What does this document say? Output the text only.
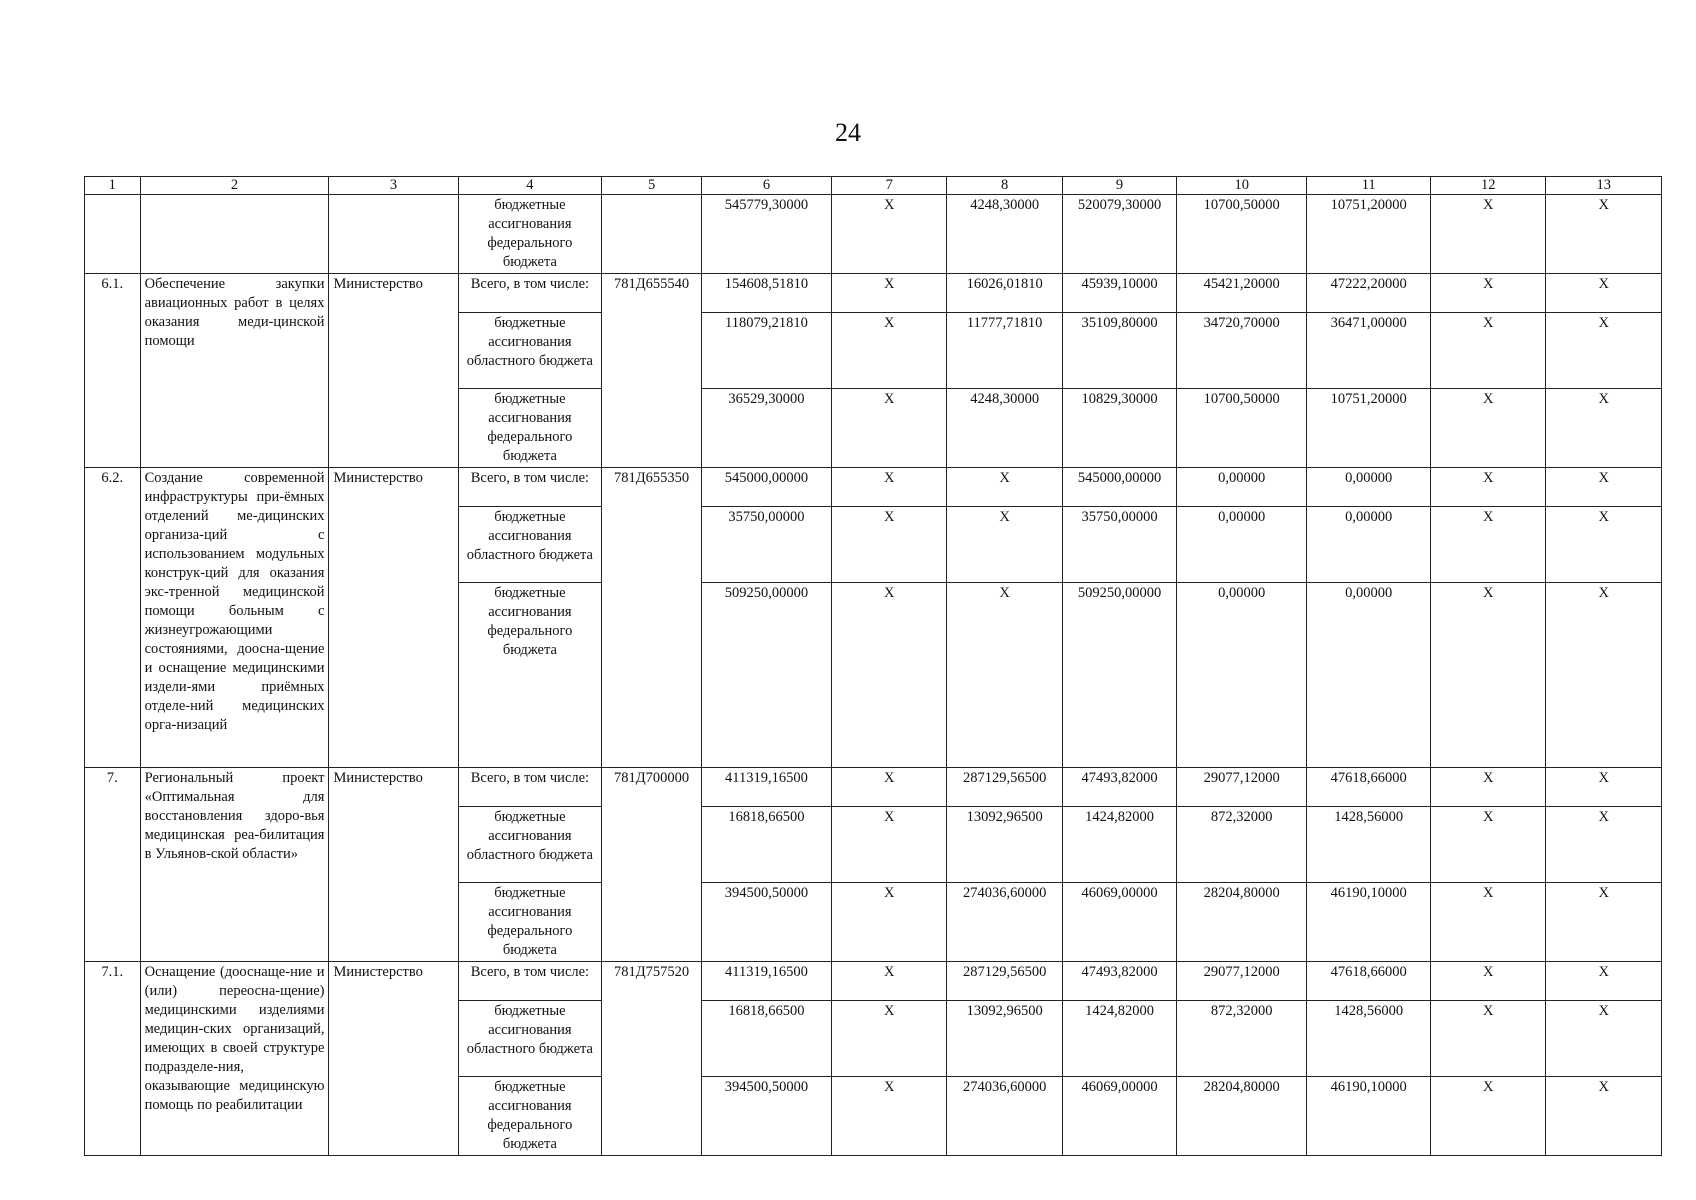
24
1	2	3	4	5	6	7	8	9	10	11	12	13
			бюджетные ассигнования федерального бюджета		545779,30000	Х	4248,30000	520079,30000	10700,50000	10751,20000	Х	Х
6.1.	Обеспечение закупки авиационных работ в целях оказания меди-цинской помощи	Министерство	Всего, в том числе:	781Д655540	154608,51810	Х	16026,01810	45939,10000	45421,20000	47222,20000	Х	Х
			бюджетные ассигнования областного бюджета		118079,21810	Х	11777,71810	35109,80000	34720,70000	36471,00000	Х	Х
			бюджетные ассигнования федерального бюджета		36529,30000	Х	4248,30000	10829,30000	10700,50000	10751,20000	Х	Х
6.2.	Создание современной инфраструктуры при-ёмных отделений ме-дицинских организа-ций с использованием модульных конструк-ций для оказания экс-тренной медицинской помощи больным с жизнеугрожающими состояниями, доосна-щение и оснащение медицинскими издели-ями приёмных отделе-ний медицинских орга-низаций	Министерство	Всего, в том числе:	781Д655350	545000,00000	Х	Х	545000,00000	0,00000	0,00000	Х	Х
			бюджетные ассигнования областного бюджета		35750,00000	Х	Х	35750,00000	0,00000	0,00000	Х	Х
			бюджетные ассигнования федерального бюджета		509250,00000	Х	Х	509250,00000	0,00000	0,00000	Х	Х
7.	Региональный проект «Оптимальная для восстановления здоро-вья медицинская реа-билитация в Ульянов-ской области»	Министерство	Всего, в том числе:	781Д700000	411319,16500	Х	287129,56500	47493,82000	29077,12000	47618,66000	Х	Х
			бюджетные ассигнования областного бюджета		16818,66500	Х	13092,96500	1424,82000	872,32000	1428,56000	Х	Х
			бюджетные ассигнования федерального бюджета		394500,50000	Х	274036,60000	46069,00000	28204,80000	46190,10000	Х	Х
7.1.	Оснащение (дооснаще-ние и (или) переосна-щение) медицинскими изделиями медицин-ских организаций, имеющих в своей структуре подразделе-ния, оказывающие медицинскую помощь по реабилитации	Министерство	Всего, в том числе:	781Д757520	411319,16500	Х	287129,56500	47493,82000	29077,12000	47618,66000	Х	Х
			бюджетные ассигнования областного бюджета		16818,66500	Х	13092,96500	1424,82000	872,32000	1428,56000	Х	Х
			бюджетные ассигнования федерального бюджета		394500,50000	Х	274036,60000	46069,00000	28204,80000	46190,10000	Х	Х
